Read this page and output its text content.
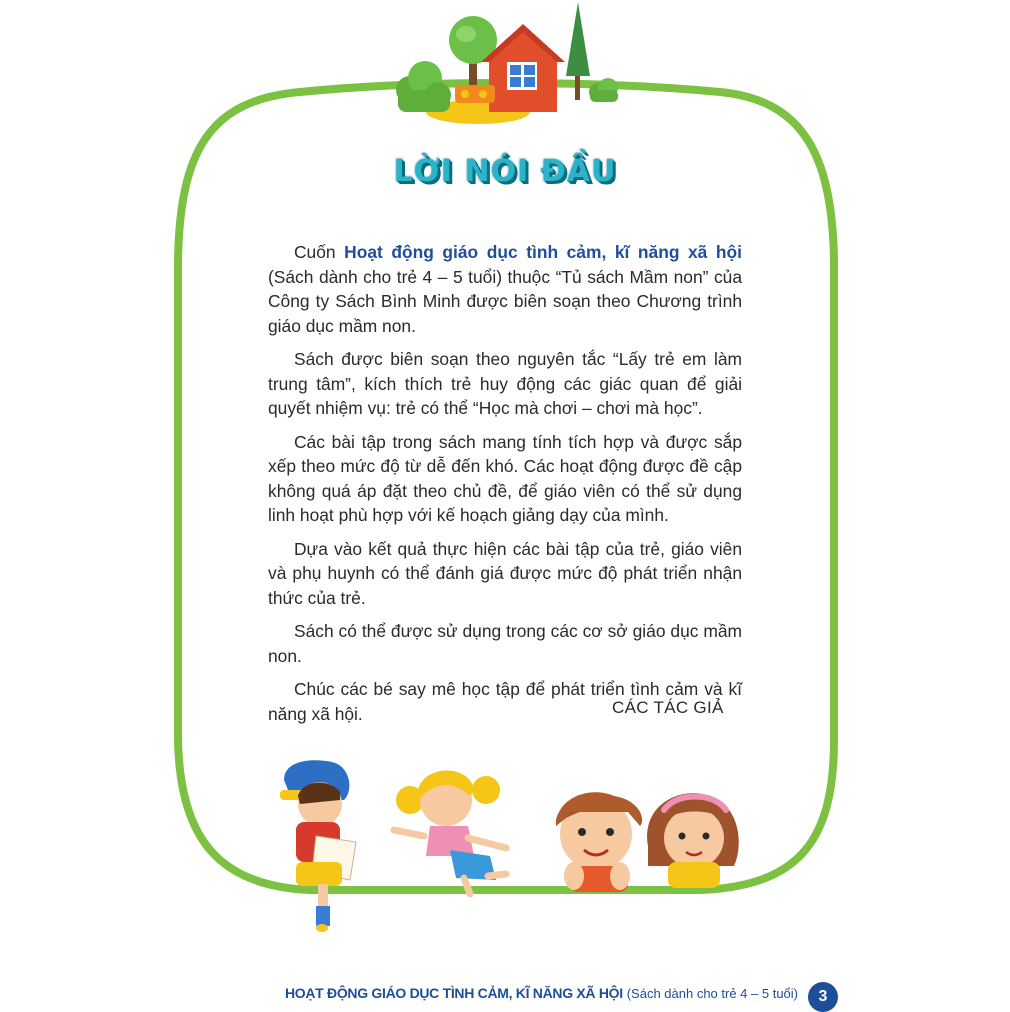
LỜI NÓI ĐẦU

Cuốn Hoạt động giáo dục tình cảm, kĩ năng xã hội (Sách dành cho trẻ 4 – 5 tuổi) thuộc “Tủ sách Mầm non” của Công ty Sách Bình Minh được biên soạn theo Chương trình giáo dục mầm non.

Sách được biên soạn theo nguyên tắc “Lấy trẻ em làm trung tâm”, kích thích trẻ huy động các giác quan để giải quyết nhiệm vụ: trẻ có thể “Học mà chơi – chơi mà học”.

Các bài tập trong sách mang tính tích hợp và được sắp xếp theo mức độ từ dễ đến khó. Các hoạt động được đề cập không quá áp đặt theo chủ đề, để giáo viên có thể sử dụng linh hoạt phù hợp với kế hoạch giảng dạy của mình.

Dựa vào kết quả thực hiện các bài tập của trẻ, giáo viên và phụ huynh có thể đánh giá được mức độ phát triển nhận thức của trẻ.

Sách có thể được sử dụng trong các cơ sở giáo dục mầm non.

Chúc các bé say mê học tập để phát triển tình cảm và kĩ năng xã hội.	CÁC TÁC GIẢ
HOẠT ĐỘNG GIÁO DỤC TÌNH CẢM, KĨ NĂNG XÃ HỘI (Sách dành cho trẻ 4 – 5 tuổi)	3
